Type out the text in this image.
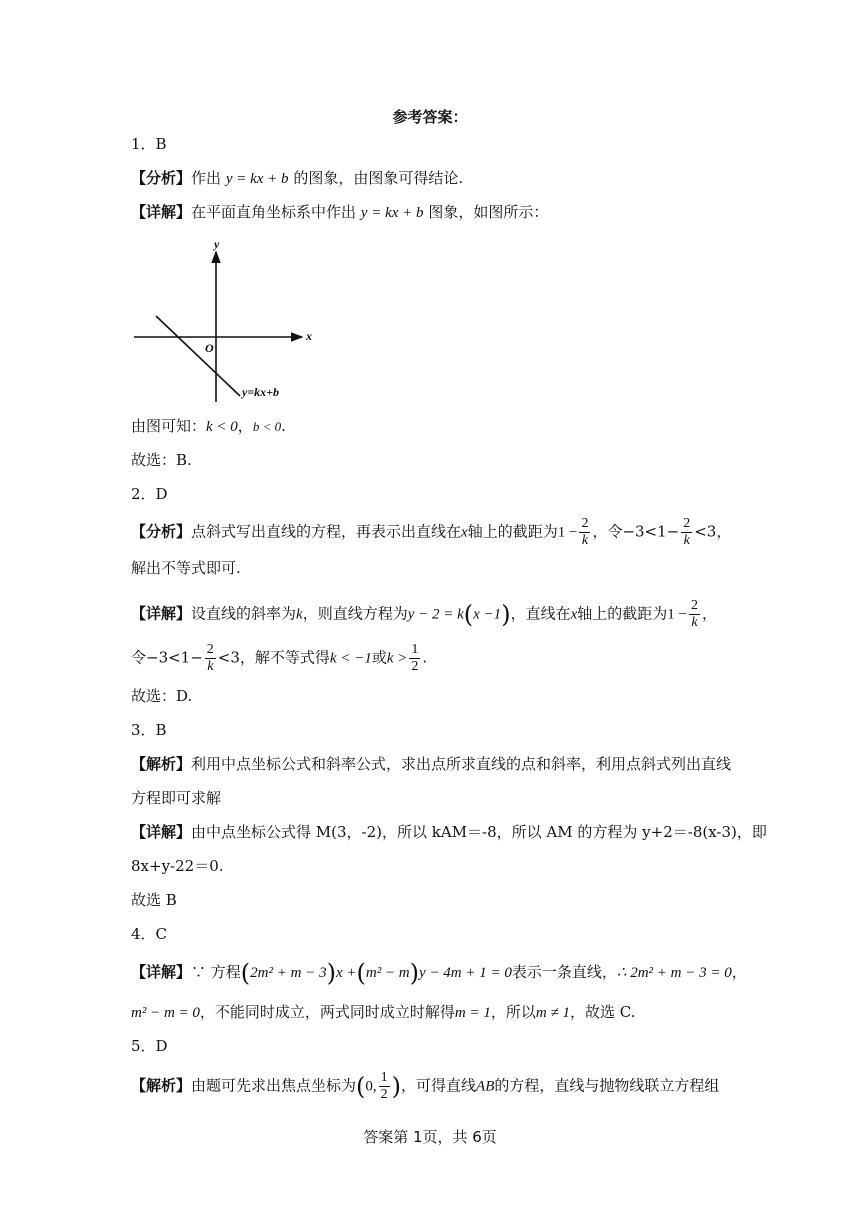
参考答案：
1．B
【分析】作出 y = kx + b 的图象，由图象可得结论.
【详解】在平面直角坐标系中作出 y = kx + b 图象，如图所示：
y
x
O
y=kx+b
由图可知：k < 0，b < 0.
故选：B.
2．D
【分析】点斜式写出直线的方程，再表示出直线在x轴上的截距为$1 - \frac{2}{k}$ ，令$-3<1- \frac{2}{k} <3$，
解出不等式即可.
【详解】设直线的斜率为k，则直线方程为y − 2 = k(x −1)，直线在x轴上的截距为$1 - \frac{2}{k}$ ，
令$-3<1- \frac{2}{k} <3$，解不等式得k < −1或$k > \frac{1}{2}$ .
故选：D.
3．B
【解析】利用中点坐标公式和斜率公式，求出点所求直线的点和斜率，利用点斜式列出直线
方程即可求解
【详解】由中点坐标公式得 M(3，-2)，所以 kAM＝-8，所以 AM 的方程为 y+2＝-8(x-3)，即
8x+y-22＝0.
故选 B
4．C
【详解】∵ 方程(2m² + m − 3)x +(m² − m)y − 4m + 1 = 0表示一条直线，∴ 2m² + m − 3 = 0，
m² − m = 0，不能同时成立，两式同时成立时解得m = 1，所以m ≠ 1，故选 C.
5．D
【解析】由题可先求出焦点坐标为(0, $\frac{1}{2}$ )，可得直线AB的方程，直线与抛物线联立方程组
答案第 1页，共 6页
